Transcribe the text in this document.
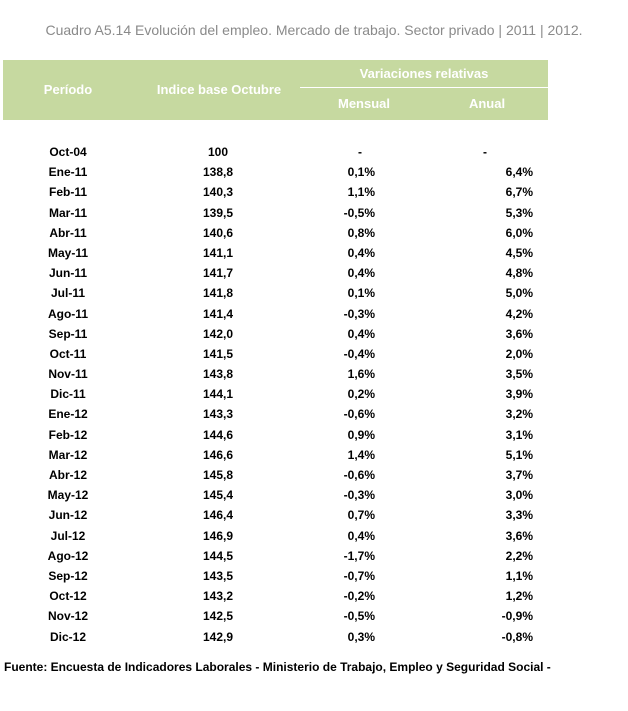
Cuadro A5.14 Evolución del empleo. Mercado de trabajo. Sector privado | 2011 | 2012.
Período	Indice base Octubre
Variaciones relativas
Mensual	Anual
Oct-04	100	-	-
Ene-11	138,8	0,1%	6,4%
Feb-11	140,3	1,1%	6,7%
Mar-11	139,5	-0,5%	5,3%
Abr-11	140,6	0,8%	6,0%
May-11	141,1	0,4%	4,5%
Jun-11	141,7	0,4%	4,8%
Jul-11	141,8	0,1%	5,0%
Ago-11	141,4	-0,3%	4,2%
Sep-11	142,0	0,4%	3,6%
Oct-11	141,5	-0,4%	2,0%
Nov-11	143,8	1,6%	3,5%
Dic-11	144,1	0,2%	3,9%
Ene-12	143,3	-0,6%	3,2%
Feb-12	144,6	0,9%	3,1%
Mar-12	146,6	1,4%	5,1%
Abr-12	145,8	-0,6%	3,7%
May-12	145,4	-0,3%	3,0%
Jun-12	146,4	0,7%	3,3%
Jul-12	146,9	0,4%	3,6%
Ago-12	144,5	-1,7%	2,2%
Sep-12	143,5	-0,7%	1,1%
Oct-12	143,2	-0,2%	1,2%
Nov-12	142,5	-0,5%	-0,9%
Dic-12	142,9	0,3%	-0,8%
Fuente: Encuesta de Indicadores Laborales - Ministerio de Trabajo, Empleo y Seguridad Social -
